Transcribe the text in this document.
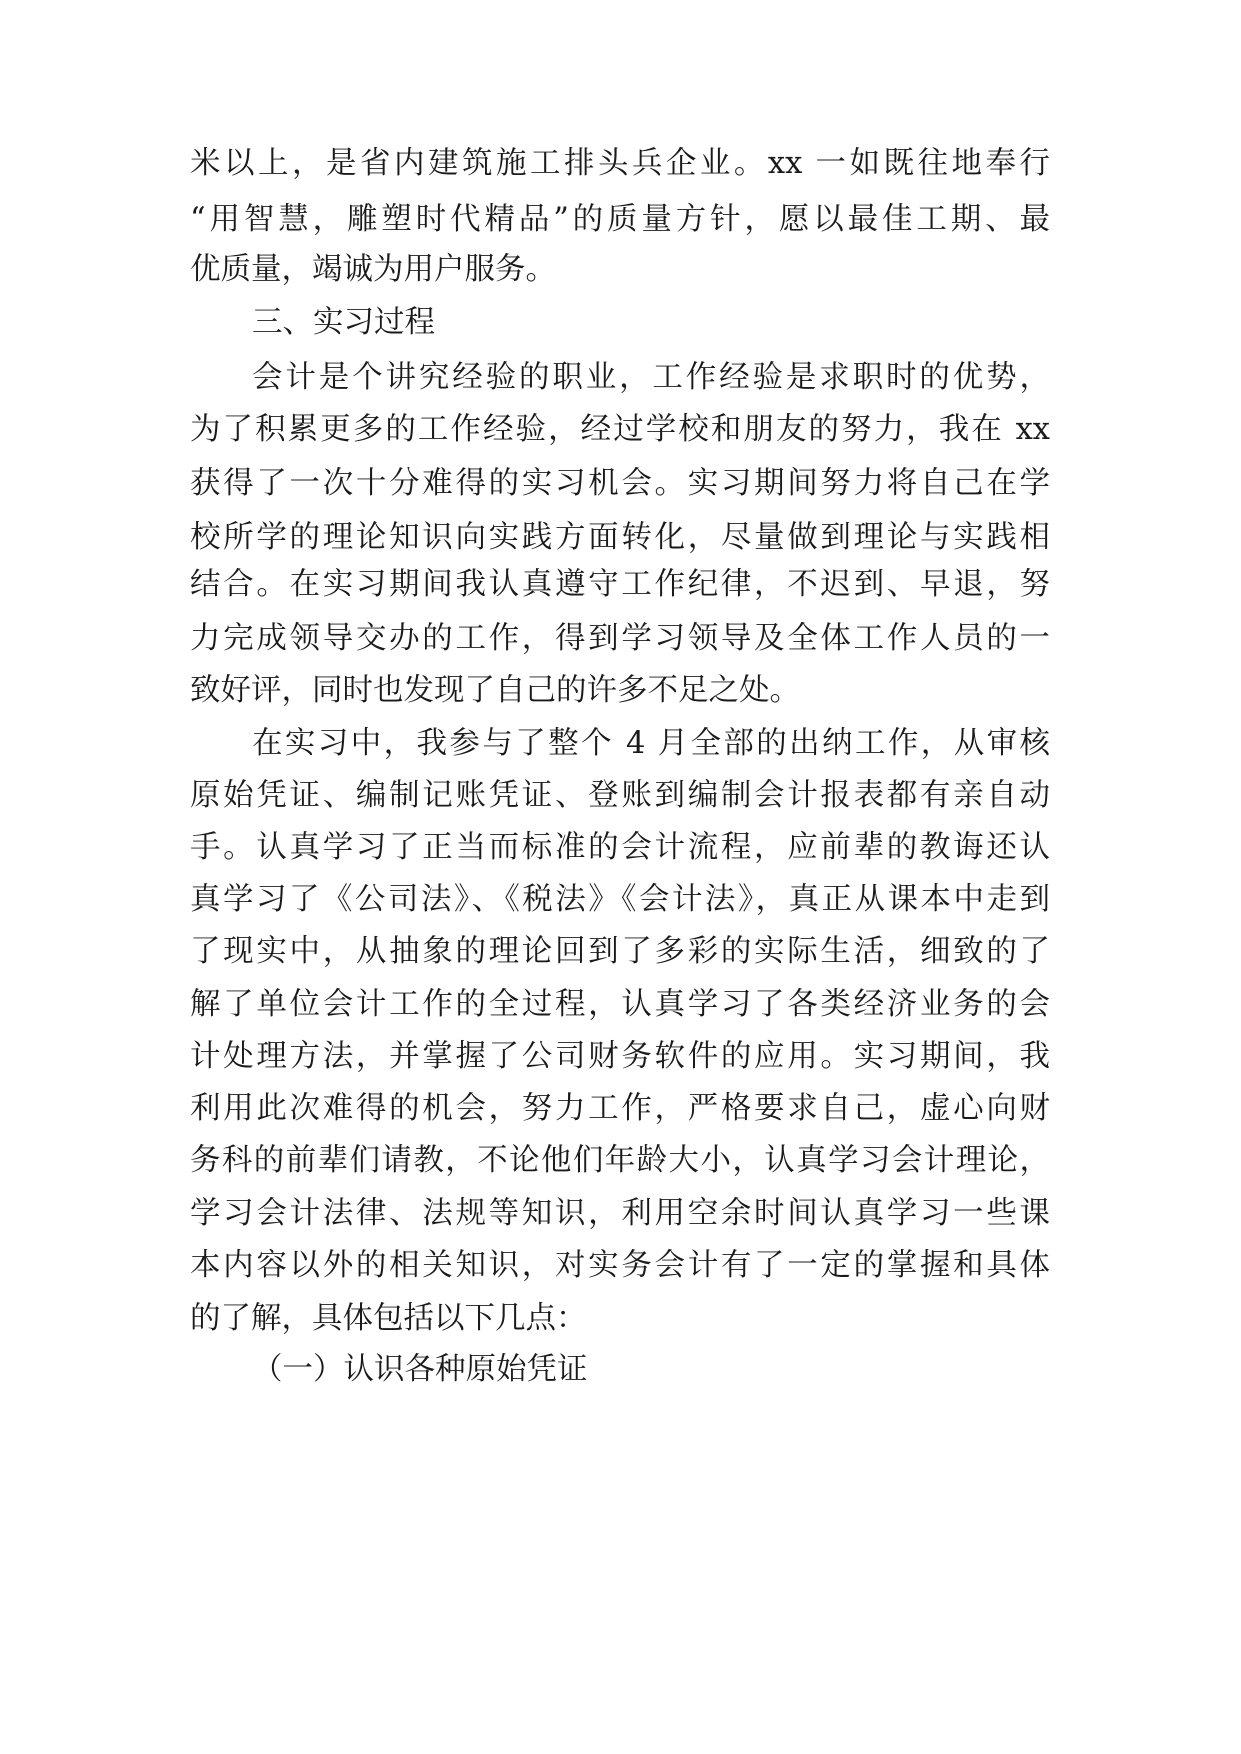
米以上，是省内建筑施工排头兵企业。xx 一如既往地奉行
“用智慧，雕塑时代精品”的质量方针，愿以最佳工期、最
优质量，竭诚为用户服务。
三、实习过程
会计是个讲究经验的职业，工作经验是求职时的优势，
为了积累更多的工作经验，经过学校和朋友的努力，我在 xx
获得了一次十分难得的实习机会。实习期间努力将自己在学
校所学的理论知识向实践方面转化，尽量做到理论与实践相
结合。在实习期间我认真遵守工作纪律，不迟到、早退，努
力完成领导交办的工作，得到学习领导及全体工作人员的一
致好评，同时也发现了自己的许多不足之处。
在实习中，我参与了整个 4 月全部的出纳工作，从审核
原始凭证、编制记账凭证、登账到编制会计报表都有亲自动
手。认真学习了正当而标准的会计流程，应前辈的教诲还认
真学习了《公司法》、《税法》《会计法》，真正从课本中走到
了现实中，从抽象的理论回到了多彩的实际生活，细致的了
解了单位会计工作的全过程，认真学习了各类经济业务的会
计处理方法，并掌握了公司财务软件的应用。实习期间，我
利用此次难得的机会，努力工作，严格要求自己，虚心向财
务科的前辈们请教，不论他们年龄大小，认真学习会计理论，
学习会计法律、法规等知识，利用空余时间认真学习一些课
本内容以外的相关知识，对实务会计有了一定的掌握和具体
的了解，具体包括以下几点：
（一）认识各种原始凭证
